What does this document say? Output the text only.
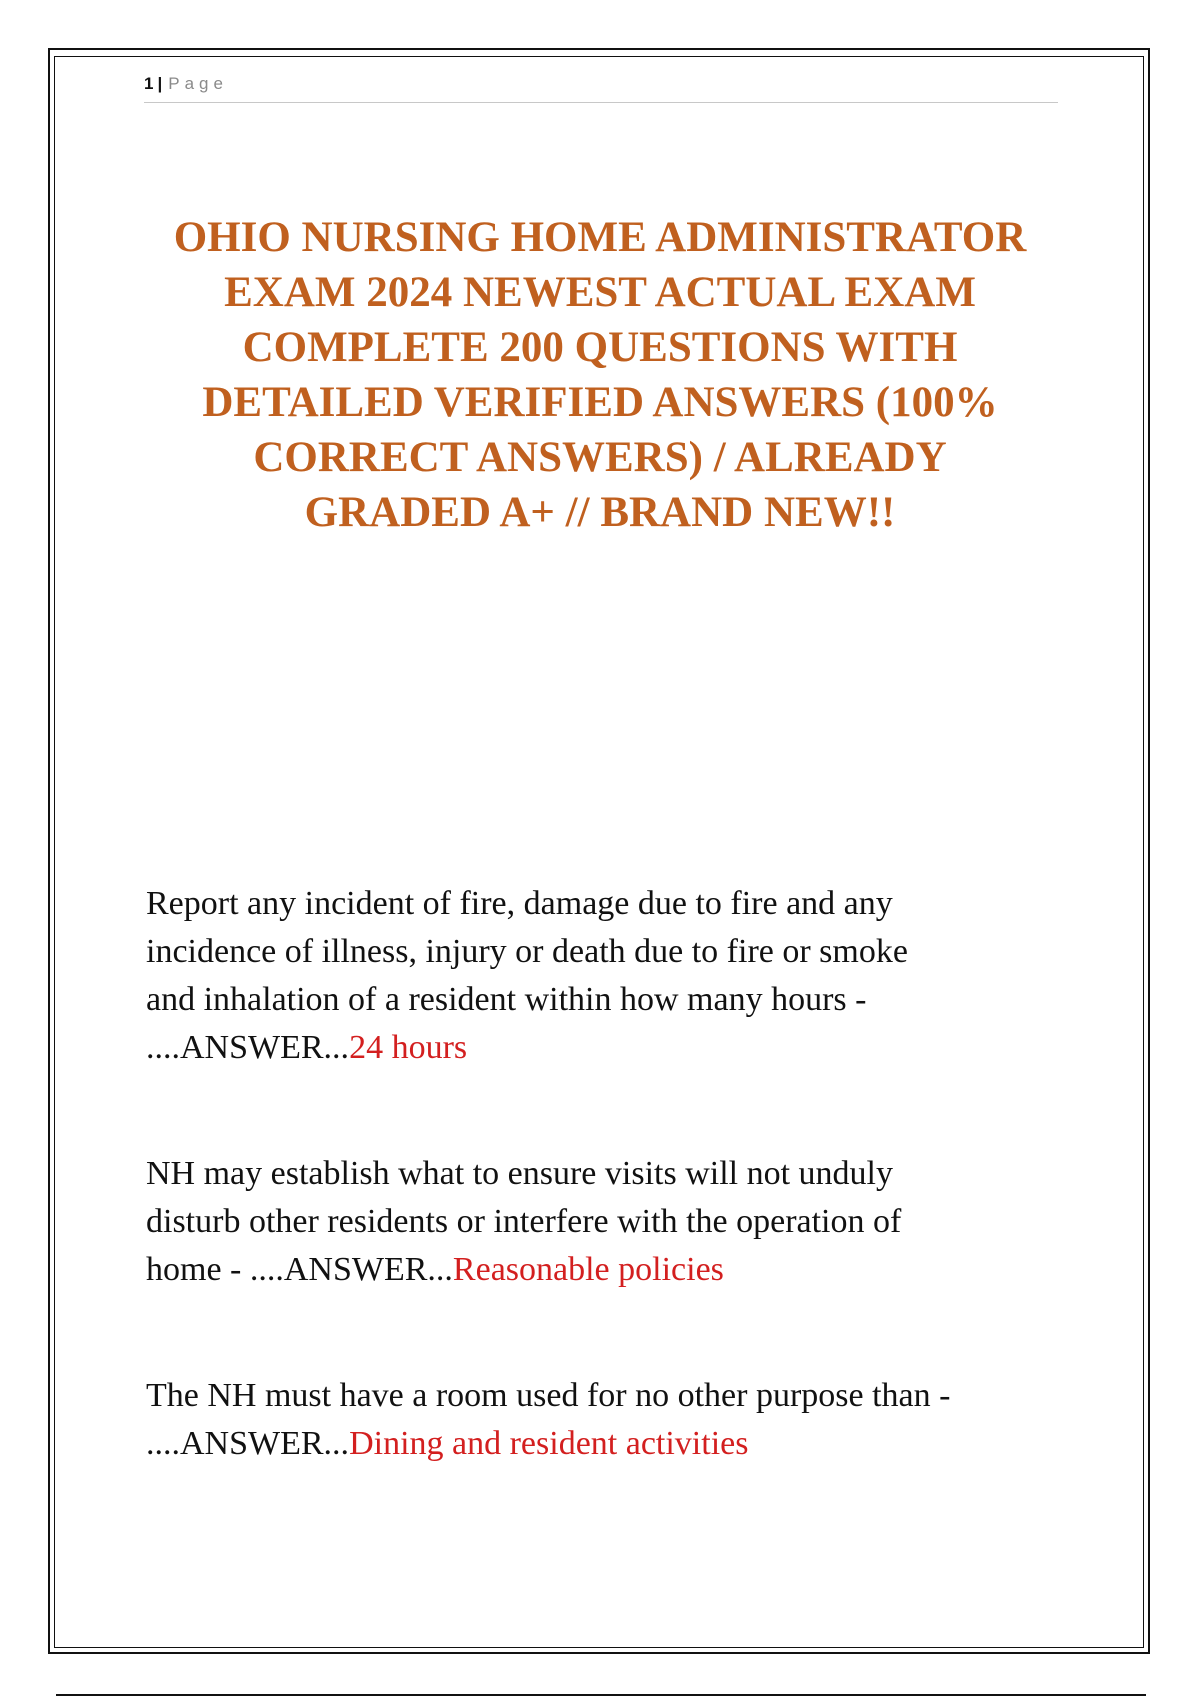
1 | Page
OHIO NURSING HOME ADMINISTRATOR
EXAM 2024 NEWEST ACTUAL EXAM
COMPLETE 200 QUESTIONS WITH
DETAILED VERIFIED ANSWERS (100%
CORRECT ANSWERS) / ALREADY
GRADED A+ // BRAND NEW!!
Report any incident of fire, damage due to fire and any
incidence of illness, injury or death due to fire or smoke
and inhalation of a resident within how many hours -
....ANSWER...24 hours
NH may establish what to ensure visits will not unduly
disturb other residents or interfere with the operation of
home - ....ANSWER...Reasonable policies
The NH must have a room used for no other purpose than -
....ANSWER...Dining and resident activities
